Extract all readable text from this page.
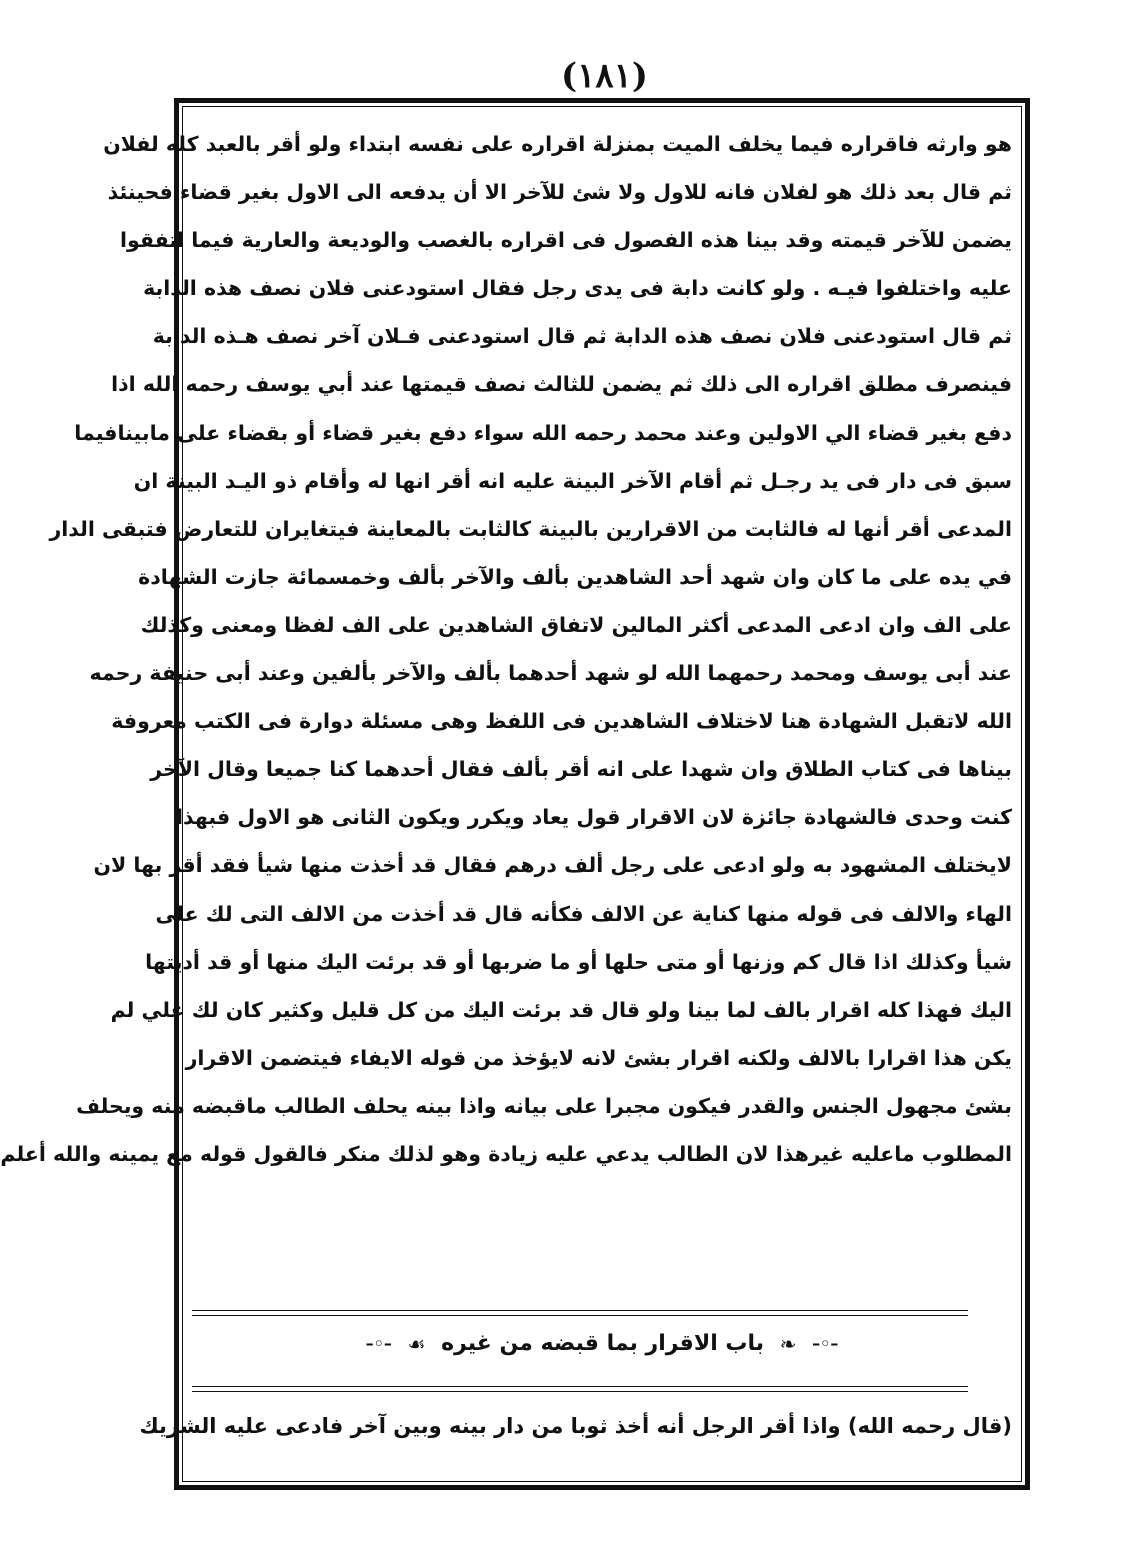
(١٨١)
هو وارثه فاقراره فيما يخلف الميت بمنزلة اقراره على نفسه ابتداء ولو أقر بالعبد كله لفلان
ثم قال بعد ذلك هو لفلان فانه للاول ولا شئ للآخر الا أن يدفعه الى الاول بغير قضاء فحينئذ
يضمن للآخر قيمته وقد بينا هذه الفصول فى اقراره بالغصب والوديعة والعارية فيما اتفقوا
عليه واختلفوا فيـه . ولو كانت دابة فى يدى رجل فقال استودعنى فلان نصف هذه الدابة
ثم قال استودعنى فلان نصف هذه الدابة ثم قال استودعنى فـلان آخر نصف هـذه الدابة
فينصرف مطلق اقراره الى ذلك ثم يضمن للثالث نصف قيمتها عند أبي يوسف رحمه الله اذا
دفع بغير قضاء الي الاولين وعند محمد رحمه الله سواء دفع بغير قضاء أو بقضاء على مابينافيما
سبق فى دار فى يد رجـل ثم أقام الآخر البينة عليه انه أقر انها له وأقام ذو اليـد البينة ان
المدعى أقر أنها له فالثابت من الاقرارين بالبينة كالثابت بالمعاينة فيتغايران للتعارض فتبقى الدار
في يده على ما كان وان شهد أحد الشاهدين بألف والآخر بألف وخمسمائة جازت الشهادة
على الف وان ادعى المدعى أكثر المالين لاتفاق الشاهدين على الف لفظا ومعنى وكذلك
عند أبى يوسف ومحمد رحمهما الله لو شهد أحدهما بألف والآخر بألفين وعند أبى حنيفة رحمه
الله لاتقبل الشهادة هنا لاختلاف الشاهدين فى اللفظ وهى مسئلة دوارة فى الكتب معروفة
بيناها فى كتاب الطلاق وان شهدا على انه أقر بألف فقال أحدهما كنا جميعا وقال الآخر
كنت وحدى فالشهادة جائزة لان الاقرار قول يعاد ويكرر ويكون الثانى هو الاول فبهذا
لايختلف المشهود به ولو ادعى على رجل ألف درهم فقال قد أخذت منها شيأ فقد أقر بها لان
الهاء والالف فى قوله منها كناية عن الالف فكأنه قال قد أخذت من الالف التى لك على
شيأ وكذلك اذا قال كم وزنها أو متى حلها أو ما ضربها أو قد برئت اليك منها أو قد أديتها
اليك فهذا كله اقرار بالف لما بينا ولو قال قد برئت اليك من كل قليل وكثير كان لك علي لم
يكن هذا اقرارا بالالف ولكنه اقرار بشئ لانه لايؤخذ من قوله الايفاء فيتضمن الاقرار
بشئ مجهول الجنس والقدر فيكون مجبرا على بيانه واذا بينه يحلف الطالب ماقبضه منه ويحلف
المطلوب ماعليه غيرهذا لان الطالب يدعي عليه زيادة وهو لذلك منكر فالقول قوله مع يمينه والله أعلم
–◦– ❧ باب الاقرار بما قبضه من غيره ☙ –◦–
(قال رحمه الله) واذا أقر الرجل أنه أخذ ثوبا من دار بينه وبين آخر فادعى عليه الشريك
